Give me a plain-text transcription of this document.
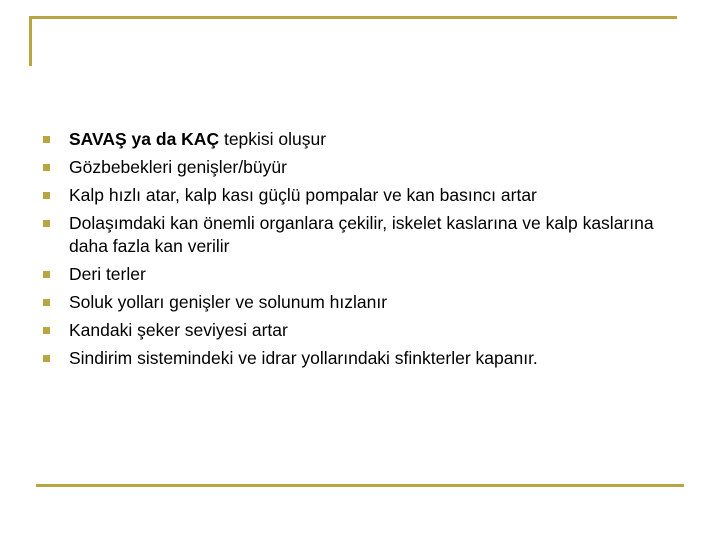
SAVAŞ ya da KAÇ tepkisi oluşur
Gözbebekleri genişler/büyür
Kalp hızlı atar, kalp kası güçlü pompalar ve kan basıncı artar
Dolaşımdaki kan önemli organlara çekilir, iskelet kaslarına ve kalp kaslarına daha fazla kan verilir
Deri terler
Soluk yolları genişler ve solunum hızlanır
Kandaki şeker seviyesi artar
Sindirim sistemindeki ve idrar yollarındaki sfinkterler kapanır.
